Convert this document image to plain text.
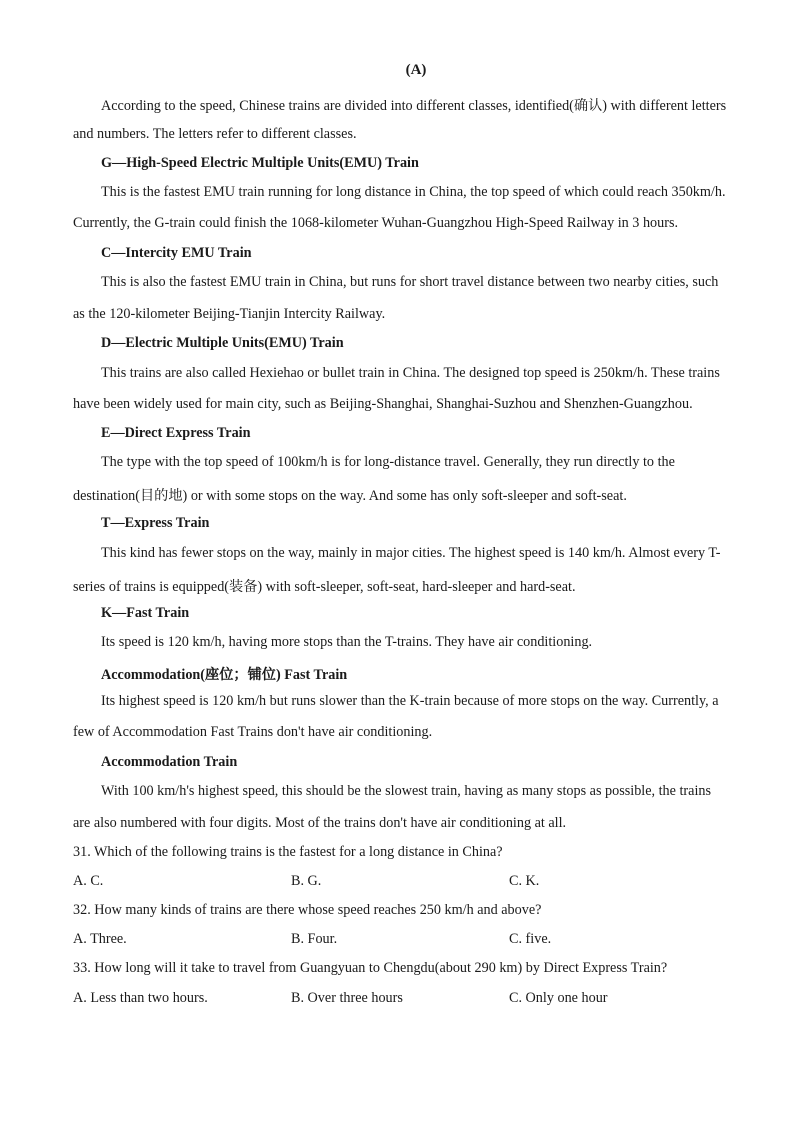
(A)
According to the speed, Chinese trains are divided into different classes, identified(确认) with different letters
and numbers. The letters refer to different classes.
G—High-Speed Electric Multiple Units(EMU) Train
This is the fastest EMU train running for long distance in China, the top speed of which could reach 350km/h.
Currently, the G-train could finish the 1068-kilometer Wuhan-Guangzhou High-Speed Railway in 3 hours.
C—Intercity EMU Train
This is also the fastest EMU train in China, but runs for short travel distance between two nearby cities, such
as the 120-kilometer Beijing-Tianjin Intercity Railway.
D—Electric Multiple Units(EMU) Train
This trains are also called Hexiehao or bullet train in China. The designed top speed is 250km/h. These trains
have been widely used for main city, such as Beijing-Shanghai, Shanghai-Suzhou and Shenzhen-Guangzhou.
E—Direct Express Train
The type with the top speed of 100km/h is for long-distance travel. Generally, they run directly to the
destination(目的地) or with some stops on the way. And some has only soft-sleeper and soft-seat.
T—Express Train
This kind has fewer stops on the way, mainly in major cities. The highest speed is 140 km/h. Almost every T-
series of trains is equipped(装备) with soft-sleeper, soft-seat, hard-sleeper and hard-seat.
K—Fast Train
Its speed is 120 km/h, having more stops than the T-trains. They have air conditioning.
Accommodation(座位；铺位) Fast Train
Its highest speed is 120 km/h but runs slower than the K-train because of more stops on the way. Currently, a
few of Accommodation Fast Trains don't have air conditioning.
Accommodation Train
With 100 km/h's highest speed, this should be the slowest train, having as many stops as possible, the trains
are also numbered with four digits. Most of the trains don't have air conditioning at all.
31. Which of the following trains is the fastest for a long distance in China?
A. C.	B. G.	C. K.
32. How many kinds of trains are there whose speed reaches 250 km/h and above?
A. Three.	B. Four.	C. five.
33. How long will it take to travel from Guangyuan to Chengdu(about 290 km) by Direct Express Train?
A. Less than two hours.	B. Over three hours	C. Only one hour
